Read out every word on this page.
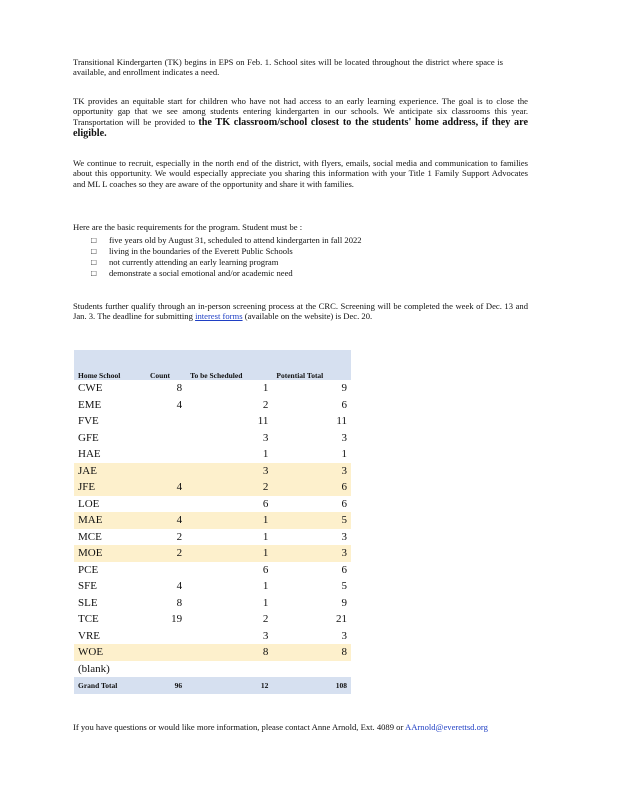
Transitional Kindergarten (TK) begins in EPS on Feb. 1. School sites will be located throughout the district where space is available, and enrollment indicates a need.

TK provides an equitable start for children who have not had access to an early learning experience. The goal is to close the opportunity gap that we see among students entering kindergarten in our schools. We anticipate six classrooms this year. Transportation will be provided to the TK classroom/school closest to the students' home address, if they are eligible.

We continue to recruit, especially in the north end of the district, with flyers, emails, social media and communication to families about this opportunity. We would especially appreciate you sharing this information with your Title 1 Family Support Advocates and ML L coaches so they are aware of the opportunity and share it with families.

Here are the basic requirements for the program. Student must be :

□	five years old by August 31, scheduled to attend kindergarten in fall 2022
□	living in the boundaries of the Everett Public Schools
□	not currently attending an early learning program
□	demonstrate a social emotional and/or academic need

Students further qualify through an in-person screening process at the CRC. Screening will be completed the week of Dec. 13 and Jan. 3. The deadline for submitting interest forms (available on the website) is Dec. 20.

If you have questions or would like more information, please contact Anne Arnold, Ext. 4089 or AArnold@everettsd.org

Home School	Count	To be Scheduled	Potential Total
CWE	8	1	9
EME	4	2	6
FVE		11	11
GFE		3	3
HAE		1	1
JAE		3	3
JFE	4	2	6
LOE		6	6
MAE	4	1	5
MCE	2	1	3
MOE	2	1	3
PCE		6	6
SFE	4	1	5
SLE	8	1	9
TCE	19	2	21
VRE		3	3
WOE		8	8
(blank)			
Grand Total	96	12	108
